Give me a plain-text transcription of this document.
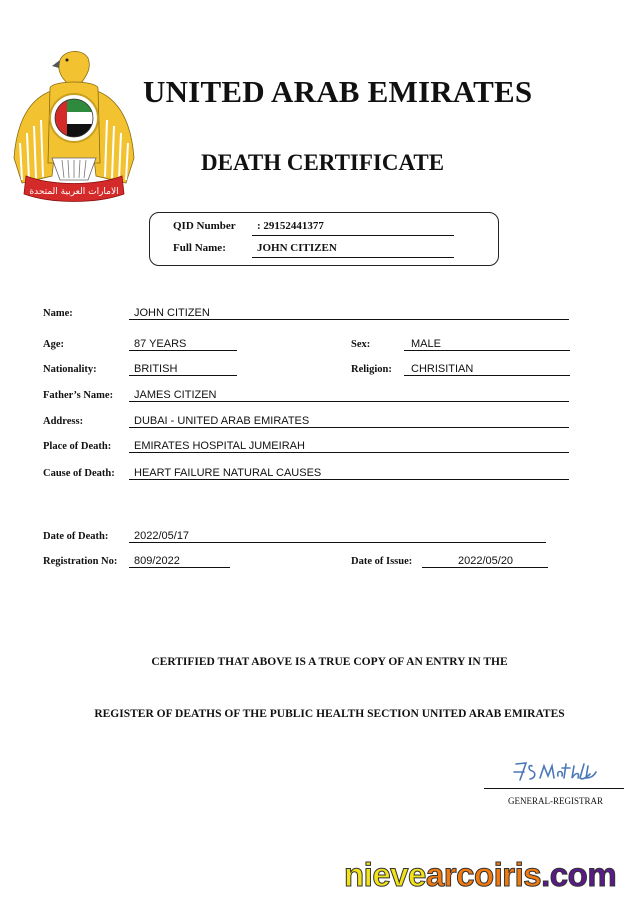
الامارات العربية المتحدة
UNITED ARAB EMIRATES
DEATH CERTIFICATE
QID Number : 29152441377
Full Name:	JOHN CITIZEN
Name:	JOHN CITIZEN
Age:	87 YEARS	Sex:	MALE
Nationality:	BRITISH	Religion: CHRISITIAN
Father’s Name: JAMES CITIZEN
Address:	DUBAI - UNITED ARAB EMIRATES
Place of Death: EMIRATES HOSPITAL JUMEIRAH
Cause of Death: HEART FAILURE NATURAL CAUSES
Date of Death: 2022/05/17
Registration No: 809/2022	Date of Issue:	2022/05/20
CERTIFIED THAT ABOVE IS A TRUE COPY OF AN ENTRY IN THE
REGISTER OF DEATHS OF THE PUBLIC HEALTH SECTION UNITED ARAB EMIRATES
GENERAL-REGISTRAR
nievearcoiris.com
